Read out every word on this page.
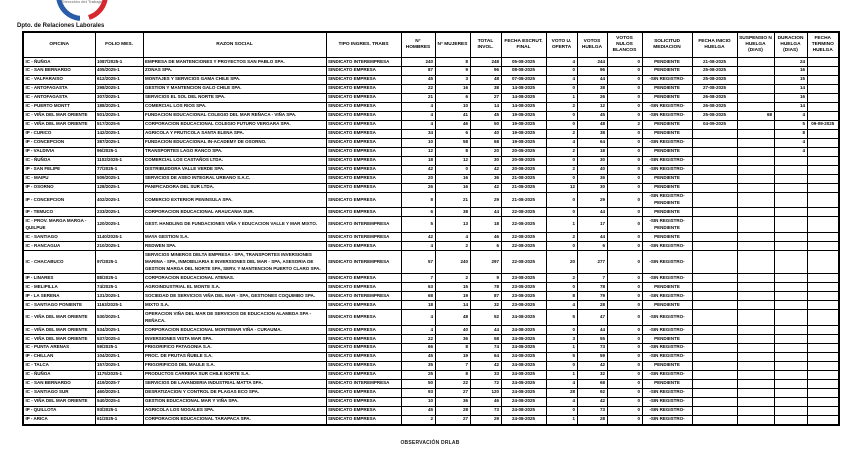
Dirección del Trabajo
Dpto. de Relaciones Laborales
OFICINA	FOLIO MES.	RAZON SOCIAL	TIPO INGRES. TRABS	N° HOMBRES	N° MUJERES	TOTAL INVOL.	FECHA ESCRUT. FINAL	VOTO U. OFERTA	VOTOS HUELGA	VOTOS NULOS BLANCOS	SOLICITUD MEDIACION	FECHA INICIO HUELGA	SUSPENSIO N HUELGA (DIAS)	DURACION HUELGA (DIAS)	FECHA TERMINO HUELGA
IC - ÑUÑOA	1087/2025-1	EMPRESA DE MANTENCIONES Y PROYECTOS SAN PABLO SPA.	SINDICATO INTEREMPRESA	240	8	248	05-08-2025	4	244	0	PENDIENTE	21-08-2025		24	
IC - SAN BERNARDO	405/2025-1	ZONAS SPA.	SINDICATO EMPRESA	87	9	96	08-08-2025	0	96	0	PENDIENTE	25-08-2025		16	
IC - VALPARAISO	612/2025-1	MONTAJES Y SERVICIOS GAMA CHILE SPA.	SINDICATO EMPRESA	45	3	48	07-08-2025	4	44	0	-SIN REGISTRO-	25-08-2025		15	
IC - ANTOFAGASTA	298/2025-1	GESTION Y MANTENCION GALO CHILE SPA.	SINDICATO EMPRESA	22	16	38	14-08-2025	0	38	0	PENDIENTE	27-08-2025		14	
IC - ANTOFAGASTA	307/2025-1	SERVICIOS EL SOL DEL NORTE SPA.	SINDICATO EMPRESA	21	6	27	14-08-2025	1	26	0	PENDIENTE	26-08-2025		16	
IC - PUERTO MONTT	188/2025-1	COMERCIAL LOS RIOS SPA.	SINDICATO EMPRESA	4	10	14	14-08-2025	2	12	0	-SIN REGISTRO-	26-08-2025		14	
IC - VIÑA DEL MAR ORIENTE	501/2025-1	FUNDACION EDUCACIONAL COLEGIO DEL MAR REÑACA - VIÑA SPA.	SINDICATO EMPRESA	4	41	45	19-08-2025	0	45	0	-SIN REGISTRO-	25-08-2025	68	4	
IC - VIÑA DEL MAR ORIENTE	517/2025-6	CORPORACION EDUCACIONAL COLEGIO FUTURO VERGARA SPA.	SINDICATO EMPRESA	4	46	50	19-08-2025	0	48	2	PENDIENTE	04-09-2025		5	09-09-2025
IP - CURICO	142/2025-1	AGRICOLA Y FRUTICOLA SANTA ELENA SPA.	SINDICATO EMPRESA	34	6	40	19-08-2025	2	38	0	PENDIENTE			8	
IP - CONCEPCION	387/2025-1	FUNDACION EDUCACIONAL IN-ACADEMY DE OSORNO.	SINDICATO EMPRESA	10	58	68	19-08-2025	4	64	0	-SIN REGISTRO-			4	
IP - VALDIVIA	96/2025-1	TRANSPORTES LAGO RANCO SPA.	SINDICATO EMPRESA	12	8	20	20-08-2025	2	18	0	PENDIENTE			4	
IC - ÑUÑOA	1102/2025-1	COMERCIAL LOS CASTAÑOS LTDA.	SINDICATO EMPRESA	18	12	30	20-08-2025	0	30	0	-SIN REGISTRO-				
IP - SAN FELIPE	77/2025-1	DISTRIBUIDORA VALLE VERDE SPA.	SINDICATO EMPRESA	42	0	42	20-08-2025	2	40	0	-SIN REGISTRO-				
IC - MAIPU	509/2025-1	SERVICIOS DE ASEO INTEGRAL URBANO S.A.C.	SINDICATO EMPRESA	20	16	36	21-08-2025	0	36	0	PENDIENTE				
IP - OSORNO	128/2025-1	PANIFICADORA DEL SUR LTDA.	SINDICATO EMPRESA	26	16	42	21-08-2025	12	30	0	PENDIENTE				
IP - CONCEPCION	402/2025-1	COMERCIO EXTERIOR PENINSULA SPA.	SINDICATO EMPRESA	8	21	29	21-08-2025	0	29	0	-SIN REGISTRO- PENDIENTE				
IP - TEMUCO	233/2025-1	CORPORACION EDUCACIONAL ARAUCANIA SUR.	SINDICATO EMPRESA	6	38	44	22-08-2025	0	44	0	PENDIENTE				
IC - PROV. MARGA MARGA - QUILPUE	120/2025-1	GEST. HANDLING DE FUNDACIONES VIÑA Y EDUCACION VALLE Y MAR MIXTO.	SINDICATO INTEREMPRESA	5	13	18	22-08-2025	1	17	0	-SIN REGISTRO- PENDIENTE				
IC - SANTIAGO	1140/2025-1	MAYA GESTION S.A.	SINDICATO INTEREMPRESA	42	4	46	22-08-2025	2	44	0	PENDIENTE				
IC - RANCAGUA	210/2025-1	REDWEN SPA.	SINDICATO EMPRESA	4	2	6	22-08-2025	0	6	0	-SIN REGISTRO-				
IC - CHACABUCO	97/2025-1	SERVICIOS MINEROS DELTA EMPRESA - SPA, TRANSPORTES INVERSIONES MARINA - SPA, INMOBILIARIA E INVERSIONES DEL MAR - SPA, ASESORIA DE GESTION MARGA DEL NORTE SPA, SERV. Y MANTENCION PUERTO CLARO SPA.	SINDICATO INTEREMPRESA	57	240	297	22-08-2025	20	277	0	-SIN REGISTRO-				
IP - LINARES	88/2025-1	CORPORACION EDUCACIONAL ATENAS.	SINDICATO EMPRESA	7	2	9	23-08-2025	2	7	0	-SIN REGISTRO-				
IC - MELIPILLA	74/2025-1	AGROINDUSTRIAL EL MONTE S.A.	SINDICATO EMPRESA	63	15	78	23-08-2025	0	78	0	PENDIENTE				
IP - LA SERENA	131/2025-1	SOCIEDAD DE SERVICIOS VIÑA DEL MAR - SPA, GESTIONES COQUIMBO SPA.	SINDICATO INTEREMPRESA	68	19	87	23-08-2025	8	79	0	-SIN REGISTRO-				
IC - SANTIAGO PONIENTE	1163/2025-1	MIXTO S.A.	SINDICATO EMPRESA	18	14	32	23-08-2025	4	28	0	PENDIENTE				
IC - VIÑA DEL MAR ORIENTE	530/2025-1	OPERACION VIÑA DEL MAR DE SERVICIOS DE EDUCACION ALAMEDA SPA - REÑACA.	SINDICATO EMPRESA	4	48	52	24-08-2025	5	47	0	-SIN REGISTRO-				
IC - VIÑA DEL MAR ORIENTE	534/2025-1	CORPORACION EDUCACIONAL MONTEMAR VIÑA - CURAUMA.	SINDICATO EMPRESA	4	40	44	24-08-2025	0	44	0	-SIN REGISTRO-				
IC - VIÑA DEL MAR ORIENTE	537/2025-4	INVERSIONES VISTA MAR SPA.	SINDICATO EMPRESA	22	36	58	24-08-2025	3	55	0	PENDIENTE				
IC - PUNTA ARENAS	59/2025-1	FRIGORIFICO PATAGONIA S.A.	SINDICATO EMPRESA	66	8	74	24-08-2025	1	73	0	-SIN REGISTRO-				
IP - CHILLAN	104/2025-1	PROC. DE FRUTAS ÑUBLE S.A.	SINDICATO EMPRESA	45	19	64	24-08-2025	5	59	0	-SIN REGISTRO-				
IC - TALCA	157/2025-1	FRIGORIFICOS DEL MAULE S.A.	SINDICATO EMPRESA	35	7	42	24-08-2025	0	42	0	PENDIENTE				
IC - ÑUÑOA	1175/2025-1	PRODUCTOS CARRERA SUR CHILE NORTE S.A.	SINDICATO EMPRESA	25	8	33	24-08-2025	1	32	0	-SIN REGISTRO-				
IC - SAN BERNARDO	419/2025-7	SERVICIOS DE LAVANDERIA INDUSTRIAL MATTA SPA.	SINDICATO INTEREMPRESA	50	22	72	24-08-2025	4	68	0	PENDIENTE				
IC - SANTIAGO SUR	460/2025-1	DESRATIZACION Y CONTROL DE PLAGAS ECO SPA.	SINDICATO EMPRESA	93	27	120	24-08-2025	28	92	0	-SIN REGISTRO-				
IC - VIÑA DEL MAR ORIENTE	540/2025-4	GESTION EDUCACIONAL MAR Y VIÑA SPA.	SINDICATO EMPRESA	10	36	46	24-08-2025	4	42	0	-SIN REGISTRO-				
IP - QUILLOTA	93/2025-1	AGRICOLA LOS NOGALES SPA.	SINDICATO EMPRESA	45	28	73	24-08-2025	0	73	0	-SIN REGISTRO-				
IP - ARICA	61/2025-1	CORPORACION EDUCACIONAL TARAPACA SPA.	SINDICATO EMPRESA	2	27	29	24-08-2025	1	28	0	-SIN REGISTRO-				
OBSERVACIÓN DRLAB
